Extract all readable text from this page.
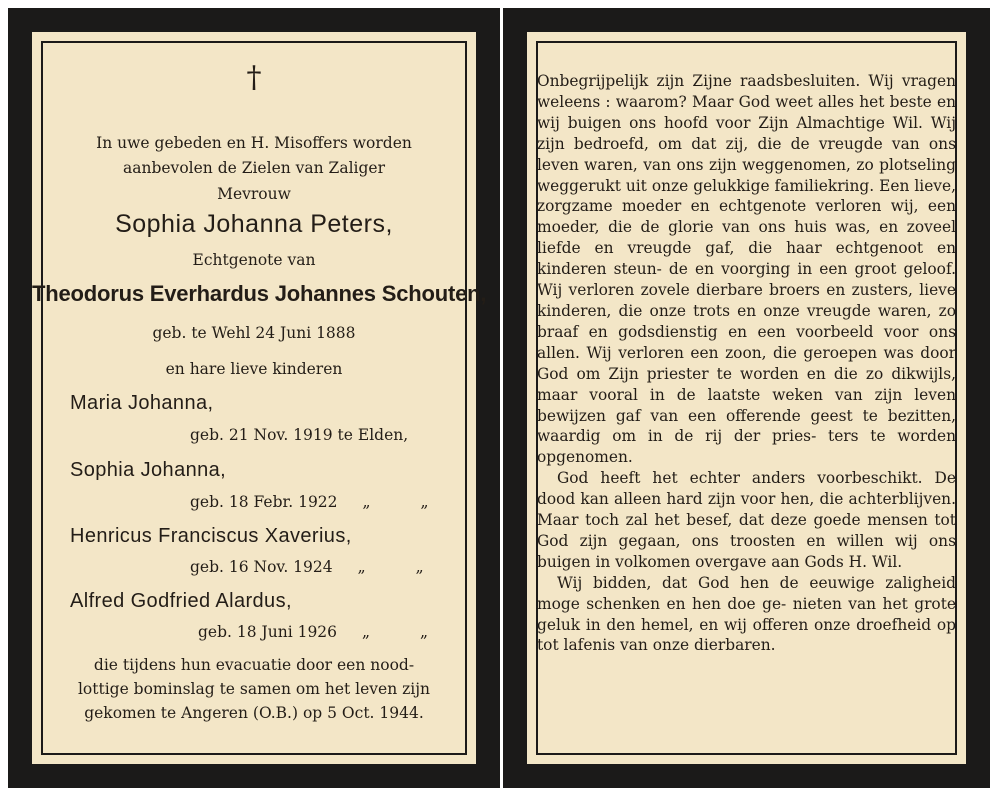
†
In uwe gebeden en H. Misoffers worden
aanbevolen de Zielen van Zaliger
Mevrouw
Sophia Johanna Peters,
Echtgenote van
Theodorus Everhardus Johannes Schouten,
geb. te Wehl 24 Juni 1888
en hare lieve kinderen
Maria Johanna,
geb. 21 Nov. 1919 te Elden,
Sophia Johanna,
geb. 18 Febr. 1922 „	„
Henricus Franciscus Xaverius,
geb. 16 Nov. 1924 „	„
Alfred Godfried Alardus,
geb. 18 Juni 1926 „	„
die tijdens hun evacuatie door een nood-
lottige bominslag te samen om het leven zijn
gekomen te Angeren (O.B.) op 5 Oct. 1944.

Onbegrijpelijk zijn Zijne raadsbesluiten. Wij vragen weleens : waarom? Maar God weet alles het beste en wij buigen ons hoofd voor Zijn Almachtige Wil. Wij zijn bedroefd, om dat zij, die de vreugde van ons leven waren, van ons zijn weggenomen, zo plotseling weggerukt uit onze gelukkige familiekring. Een lieve, zorgzame moeder en echtgenote verloren wij, een moeder, die de glorie van ons huis was, en zoveel liefde en vreugde gaf, die haar echtgenoot en kinderen steun- de en voorging in een groot geloof. Wij verloren zovele dierbare broers en zusters, lieve kinderen, die onze trots en onze vreugde waren, zo braaf en godsdienstig en een voorbeeld voor ons allen. Wij verloren een zoon, die geroepen was door God om Zijn priester te worden en die zo dikwijls, maar vooral in de laatste weken van zijn leven bewijzen gaf van een offerende geest te bezitten, waardig om in de rij der pries- ters te worden opgenomen.

God heeft het echter anders voorbeschikt. De dood kan alleen hard zijn voor hen, die achterblijven. Maar toch zal het besef, dat deze goede mensen tot God zijn gegaan, ons troosten en willen wij ons buigen in volkomen overgave aan Gods H. Wil.

Wij bidden, dat God hen de eeuwige zaligheid moge schenken en hen doe ge- nieten van het grote geluk in den hemel, en wij offeren onze droefheid op tot lafenis van onze dierbaren.
